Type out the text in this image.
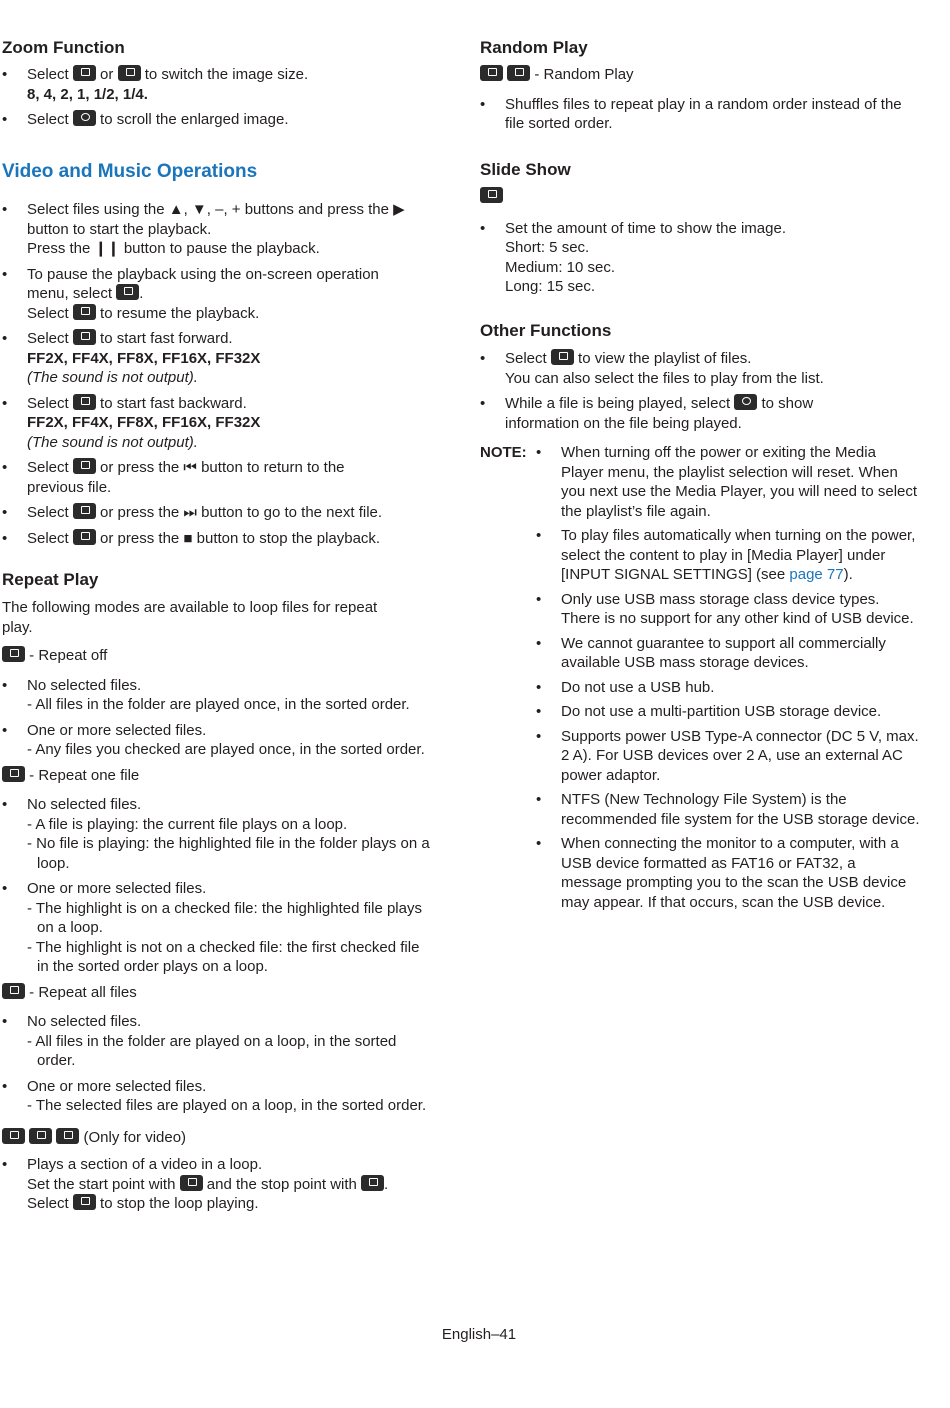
Zoom Function
• Select or to switch the image size.
8, 4, 2, 1, 1/2, 1/4.
• Select to scroll the enlarged image.
Video and Music Operations
• Select files using the ▲, ▼, –, + buttons and press the ▶
button to start the playback.
Press the ❙❙ button to pause the playback.
• To pause the playback using the on-screen operation
menu, select .
Select to resume the playback.
• Select to start fast forward.
FF2X, FF4X, FF8X, FF16X, FF32X
(The sound is not output).
• Select to start fast backward.
FF2X, FF4X, FF8X, FF16X, FF32X
(The sound is not output).
• Select or press the ⏮ button to return to the
previous file.
• Select or press the ⏭ button to go to the next file.
• Select or press the ■ button to stop the playback.
Repeat Play
The following modes are available to loop files for repeat
play.
- Repeat off
• No selected files.
- All files in the folder are played once, in the sorted order.
• One or more selected files.
- Any files you checked are played once, in the sorted order.
- Repeat one file
• No selected files.
- A file is playing: the current file plays on a loop.
- No file is playing: the highlighted file in the folder plays on a loop.
• One or more selected files.
- The highlight is on a checked file: the highlighted file plays on a loop.
- The highlight is not on a checked file: the first checked file in the sorted order plays on a loop.
- Repeat all files
• No selected files.
- All files in the folder are played on a loop, in the sorted order.
• One or more selected files.
- The selected files are played on a loop, in the sorted order.
(Only for video)
• Plays a section of a video in a loop.
Set the start point with and the stop point with .
Select to stop the loop playing.
Random Play
- Random Play
• Shuffles files to repeat play in a random order instead of the file sorted order.
Slide Show
• Set the amount of time to show the image.
Short: 5 sec.
Medium: 10 sec.
Long: 15 sec.
Other Functions
• Select to view the playlist of files.
You can also select the files to play from the list.
• While a file is being played, select to show
information on the file being played.
NOTE:
•	When turning off the power or exiting the Media Player menu, the playlist selection will reset. When you next use the Media Player, you will need to select the playlist’s file again.
• To play files automatically when turning on the power, select the content to play in [Media Player] under [INPUT SIGNAL SETTINGS] (see page 77).
• Only use USB mass storage class device types. There is no support for any other kind of USB device.
• We cannot guarantee to support all commercially available USB mass storage devices.
• Do not use a USB hub.
• Do not use a multi-partition USB storage device.
• Supports power USB Type-A connector (DC 5 V, max. 2 A). For USB devices over 2 A, use an external AC power adaptor.
• NTFS (New Technology File System) is the recommended file system for the USB storage device.
• When connecting the monitor to a computer, with a USB device formatted as FAT16 or FAT32, a message prompting you to the scan the USB device may appear. If that occurs, scan the USB device.
English–41
